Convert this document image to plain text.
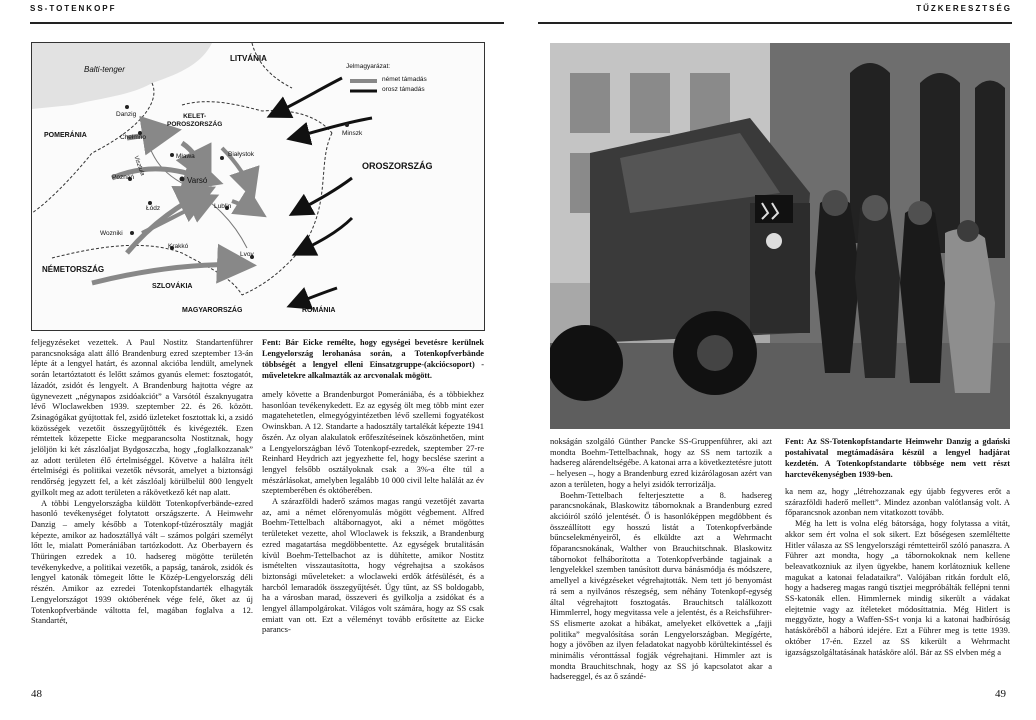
SS-TOTENKOPF	TŰZKERESZTSÉG
Balti-tenger
LITVÁNIA
KELET-
POROSZORSZÁG
POMERÁNIA
OROSZORSZÁG
NÉMETORSZÁG
SZLOVÁKIA
MAGYARORSZÁG	ROMÁNIA
Danzig
Chełmno
Mława	Białystok
Minszk
Poznań
Visztula
Varsó
Łódz	Lublin
Wozniki
Krakkó
Lvov
Jelmagyarázat:
német támadás
orosz támadás

feljegyzéseket vezettek. A Paul Nostitz Standartenführer parancsnoksága alatt álló Brandenburg ezred szeptember 13-án lépte át a lengyel határt, és azonnal akcióba lendült, amelynek során letartóztatott és lelőtt számos gyanús elemet: fosztogatót, lázadót, zsidót és lengyelt. A Brandenburg hajtotta végre az ügynevezett „négynapos zsidóakciót” a Varsótól északnyugatra lévő Wloclawekben 1939. szeptember 22. és 26. között. Zsinagógákat gyújtottak fel, zsidó üzleteket fosztottak ki, a zsidó közösségek vezetőit összegyűjtötték és kivégezték. Ezen rémtettek közepette Eicke megparancsolta Nostitznak, hogy jelöljön ki két zászlóaljat Bydgoszczba, hogy „foglalkozzanak” az adott területen élő értelmiséggel. Követve a halálra ítélt értelmiségi és politikai vezetők névsorát, amelyet a biztonsági rendőrség jegyzett fel, a két zászlóalj körülbelül 800 lengyelt gyilkolt meg az adott területen a rákövetkező két nap alatt.

A többi Lengyelországba küldött Totenkopfverbände-ezred hasonló tevékenységet folytatott országszerte. A Heimwehr Danzig – amely később a Totenkopf-tüzérosztály magját képezte, amikor az hadosztállyá vált – számos polgári személyt lőtt le, mialatt Pomerániában tartózkodott. Az Oberbayern és Thüringen ezredek a 10. hadsereg mögötte területén tevékenykedve, a politikai vezetők, a papság, tanárok, zsidók és lengyel katonák tömegeit lőtte le Közép-Lengyelország déli részén. Amikor az ezredei Totenkopfstandarték elhagyták Lengyelországot 1939 októberének vége felé, őket az új Totenkopfverbände váltotta fel, magában foglalva a 12. Standartét,

Fent: Bár Eicke remélte, hogy egységei bevetésre kerülnek Lengyelország lerohanása során, a Totenkopfverbände többségét a lengyel elleni Einsatzgruppe-(akciócsoport) -műveletekre alkalmazták az arcvonalak mögött.

amely követte a Brandenburgot Pomerániába, és a többiekhez hasonlóan tevékenykedett. Ez az egység ölt meg több mint ezer magatehetetlen, elmegyógyintézetben lévő szellemi fogyatékost Owinskban. A 12. Standarte a hadosztály tartalékát képezte 1941 őszén. Az olyan alakulatok erőfeszítéseinek köszönhetően, mint a Lengyelországban lévő Totenkopf-ezredek, szeptember 27-re Reinhard Heydrich azt jegyezhette fel, hogy becslése szerint a lengyel felsőbb osztályoknak csak a 3%-a élte túl a mészárlásokat, amelyben legalább 10 000 civil lelte halálát az év szeptemberében és októberében.

A szárazföldi haderő számos magas rangú vezetőjét zavarta az, ami a német előrenyomulás mögött végbement. Alfred Boehm-Tettelbach altábornagyot, aki a német mögöttes területeket vezette, ahol Wloclawek is fekszik, a Brandenburg ezred magatartása megdöbbentette. Az egységek brutalitásán kívül Boehm-Tettelbachot az is dühítette, amikor Nostitz ismételten visszautasította, hogy végrehajtsa a szokásos biztonsági műveleteket: a wloclaweki erdők átfésülését, és a harcból lemaradók összegyűjtését. Úgy tűnt, az SS boldogabb, ha a városban marad, összeveri és gyilkolja a zsidókat és a lengyel állampolgárokat. Világos volt számára, hogy az SS csak emiatt van ott. Ezt a véleményt tovább erősítette az Eicke parancs-

nokságán szolgáló Günther Pancke SS-Gruppenführer, aki azt mondta Boehm-Tettelbachnak, hogy az SS nem tartozik a hadsereg alárendeltségébe. A katonai arra a következtetésre jutott – helyesen –, hogy a Brandenburg ezred kizárólagosan azért van azon a területen, hogy a helyi zsidók terrorizálja.

Boehm-Tettelbach felterjesztette a 8. hadsereg parancsnokának, Blaskowitz tábornoknak a Brandenburg ezred akcióiról szóló jelentését. Ő is hasonlóképpen megdöbbent és összeállított egy hosszú listát a Totenkopfverbände bűncselekményeiről, és elküldte azt a Wehrmacht főparancsnokának, Walther von Brauchitschnak. Blaskowitz tábornokot felháborította a Totenkopfverbände tagjainak a lengyelekkel szemben tanúsított durva bánásmódja és módszere, amellyel a kivégzéseket végrehajtották. Nem tett jó benyomást rá sem a nyilvános részegség, sem néhány Totenkopf-egység által végrehajtott fosztogatás. Brauchitsch találkozott Himmlerrel, hogy megvitassa vele a jelentést, és a Reichsführer-SS elismerte azokat a hibákat, amelyeket elkövettek a „fajji politika” megvalósítása során Lengyelországban. Megígérte, hogy a jövőben az ilyen feladatokat nagyobb körültekintéssel és minimális véronttással fogják végrehajtani. Himmler azt is mondta Brauchitschnak, hogy az SS jó kapcsolatot akar a hadsereggel, és az ő szándé-

Fent: Az SS-Totenkopfstandarte Heimwehr Danzig a gdański postahivatal megtámadására készül a lengyel hadjárat kezdetén. A Totenkopfstandarte többsége nem vett részt harctevékenységben 1939-ben.

ka nem az, hogy „létrehozzanak egy újabb fegyveres erőt a szárazföldi haderő mellett”. Mindez azonban valótlanság volt. A főparancsnok azonban nem vitatkozott tovább.

Még ha lett is volna elég bátorsága, hogy folytassa a vitát, akkor sem ért volna el sok sikert. Ezt bőségesen szemléltette Hitler válasza az SS lengyelországi rémtetteiről szóló panaszra. A Führer azt mondta, hogy „a tábornokoknak nem kellene beleavatkozniuk az ilyen ügyekbe, hanem korlátozniuk kellene magukat a katonai feladataikra”. Valójában ritkán fordult elő, hogy a hadsereg magas rangú tisztjei megpróbálták fellépni tenni SS-katonák ellen. Himmlernek mindig sikerült a vádakat elejtetnie vagy az ítéleteket módosíttatnia. Még Hitlert is meggyőzte, hogy a Waffen-SS-t vonja ki a katonai hadbíróság hatásköréből a háború idejére. Ezt a Führer meg is tette 1939. október 17-én. Ezzel az SS kikerült a Wehrmacht igazságszolgáltatásának hatásköre alól. Bár az SS elvben még a

48	49
